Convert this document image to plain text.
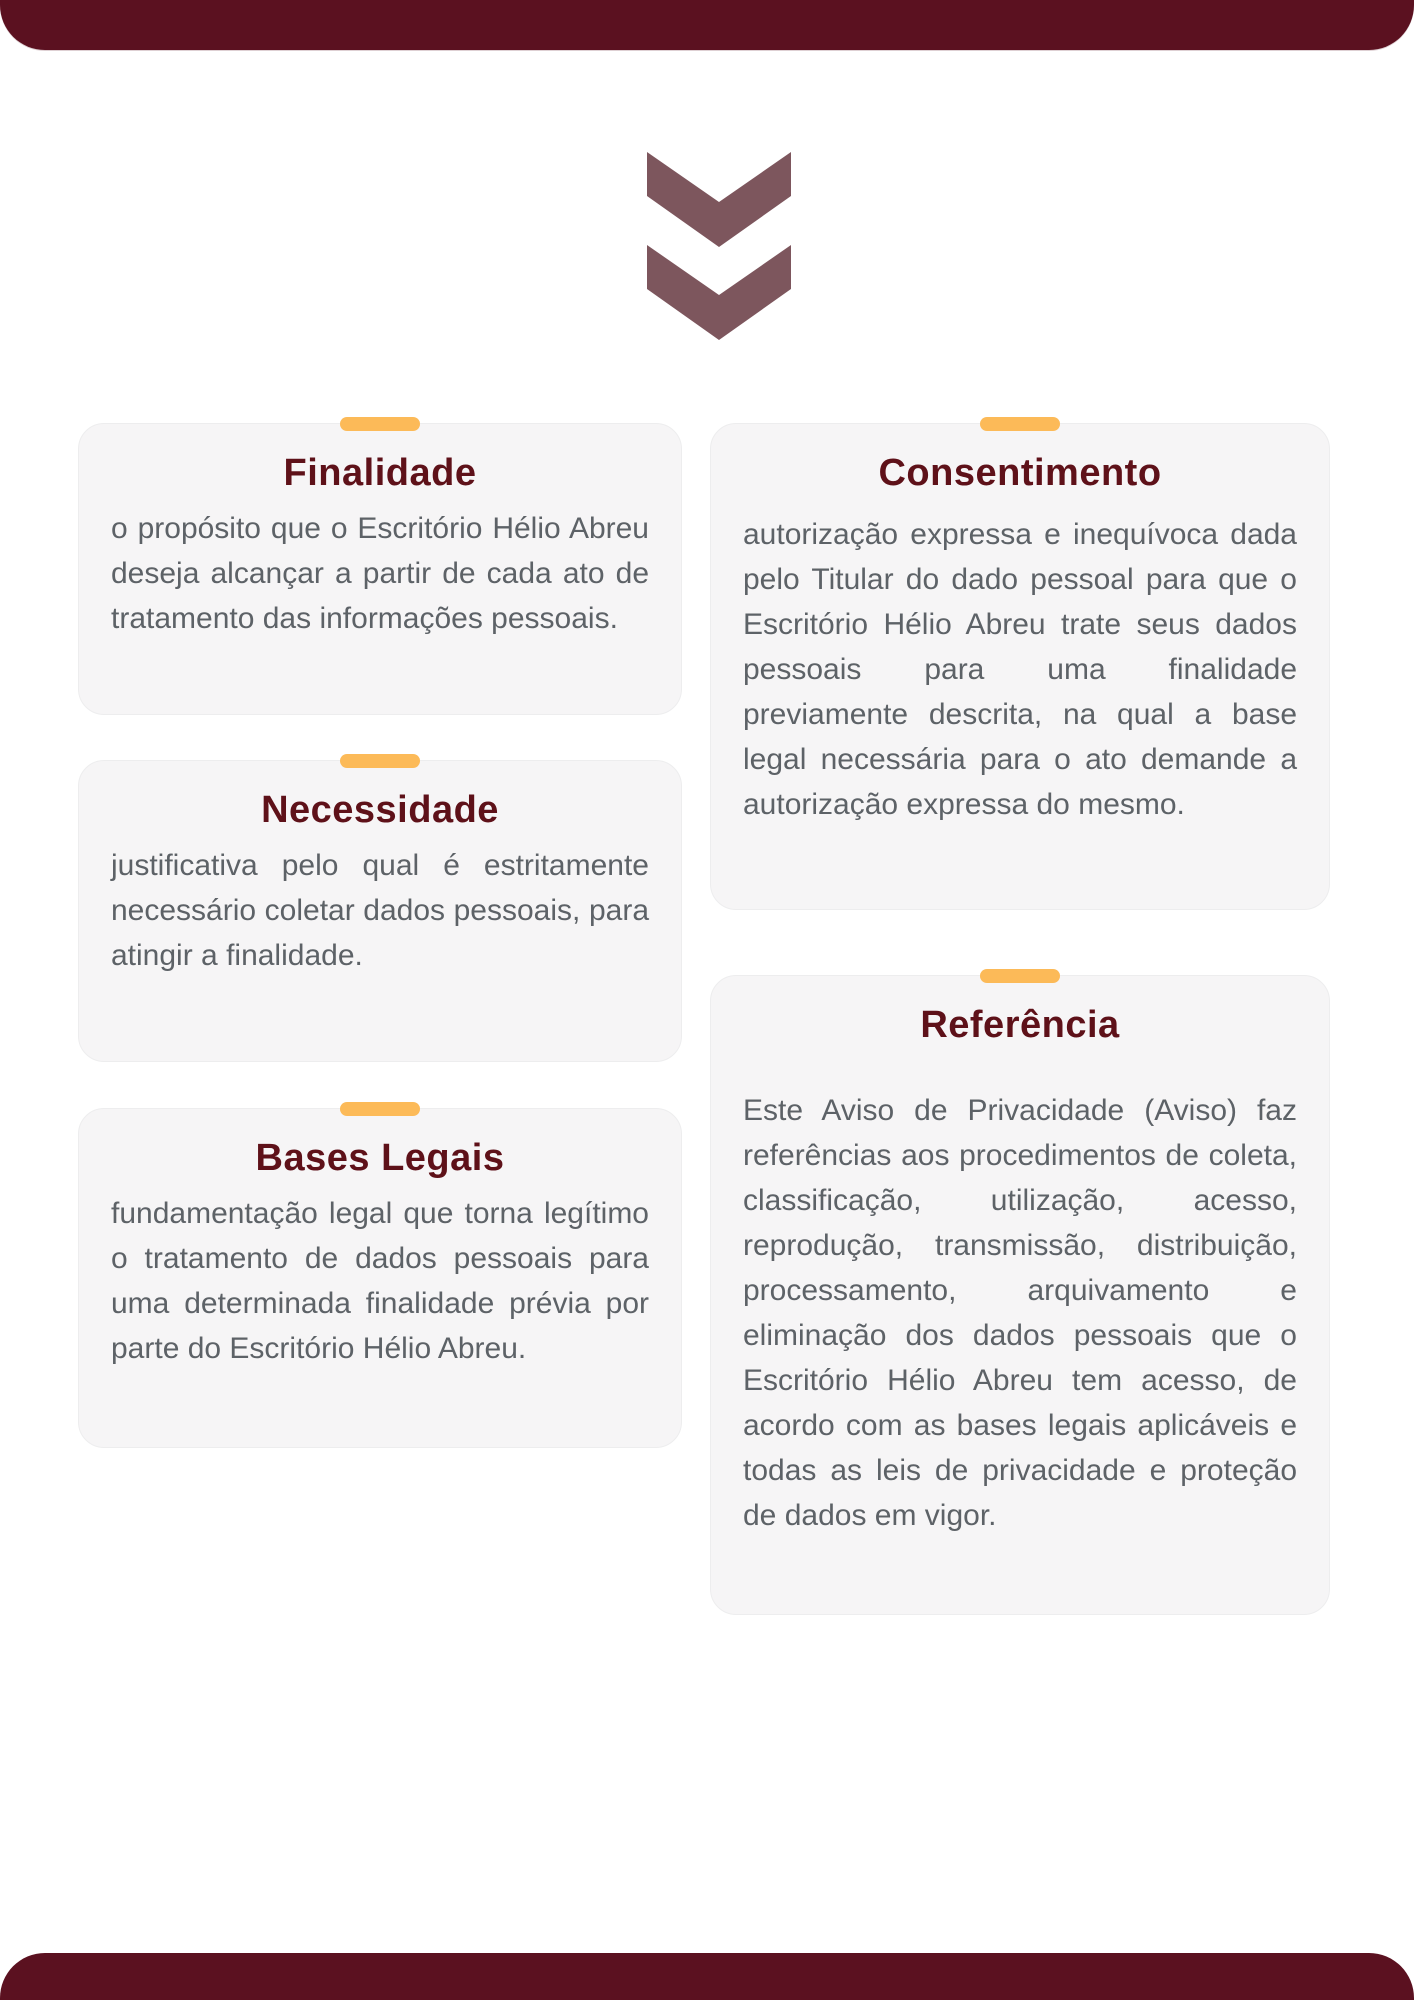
Finalidade

o propósito que o Escritório Hélio Abreu deseja alcançar a partir de cada ato de tratamento das informações pessoais.

Necessidade

justificativa pelo qual é estritamente necessário coletar dados pessoais, para atingir a finalidade.

Bases Legais

fundamentação legal que torna legítimo o tratamento de dados pessoais para uma determinada finalidade prévia por parte do Escritório Hélio Abreu.

Consentimento

autorização expressa e inequívoca dada pelo Titular do dado pessoal para que o Escritório Hélio Abreu trate seus dados pessoais para uma finalidade previamente descrita, na qual a base legal necessária para o ato demande a autorização expressa do mesmo.

Referência

Este Aviso de Privacidade (Aviso) faz referências aos procedimentos de coleta, classificação, utilização, acesso, reprodução, transmissão, distribuição, processamento, arquivamento e eliminação dos dados pessoais que o Escritório Hélio Abreu tem acesso, de acordo com as bases legais aplicáveis e todas as leis de privacidade e proteção de dados em vigor.
